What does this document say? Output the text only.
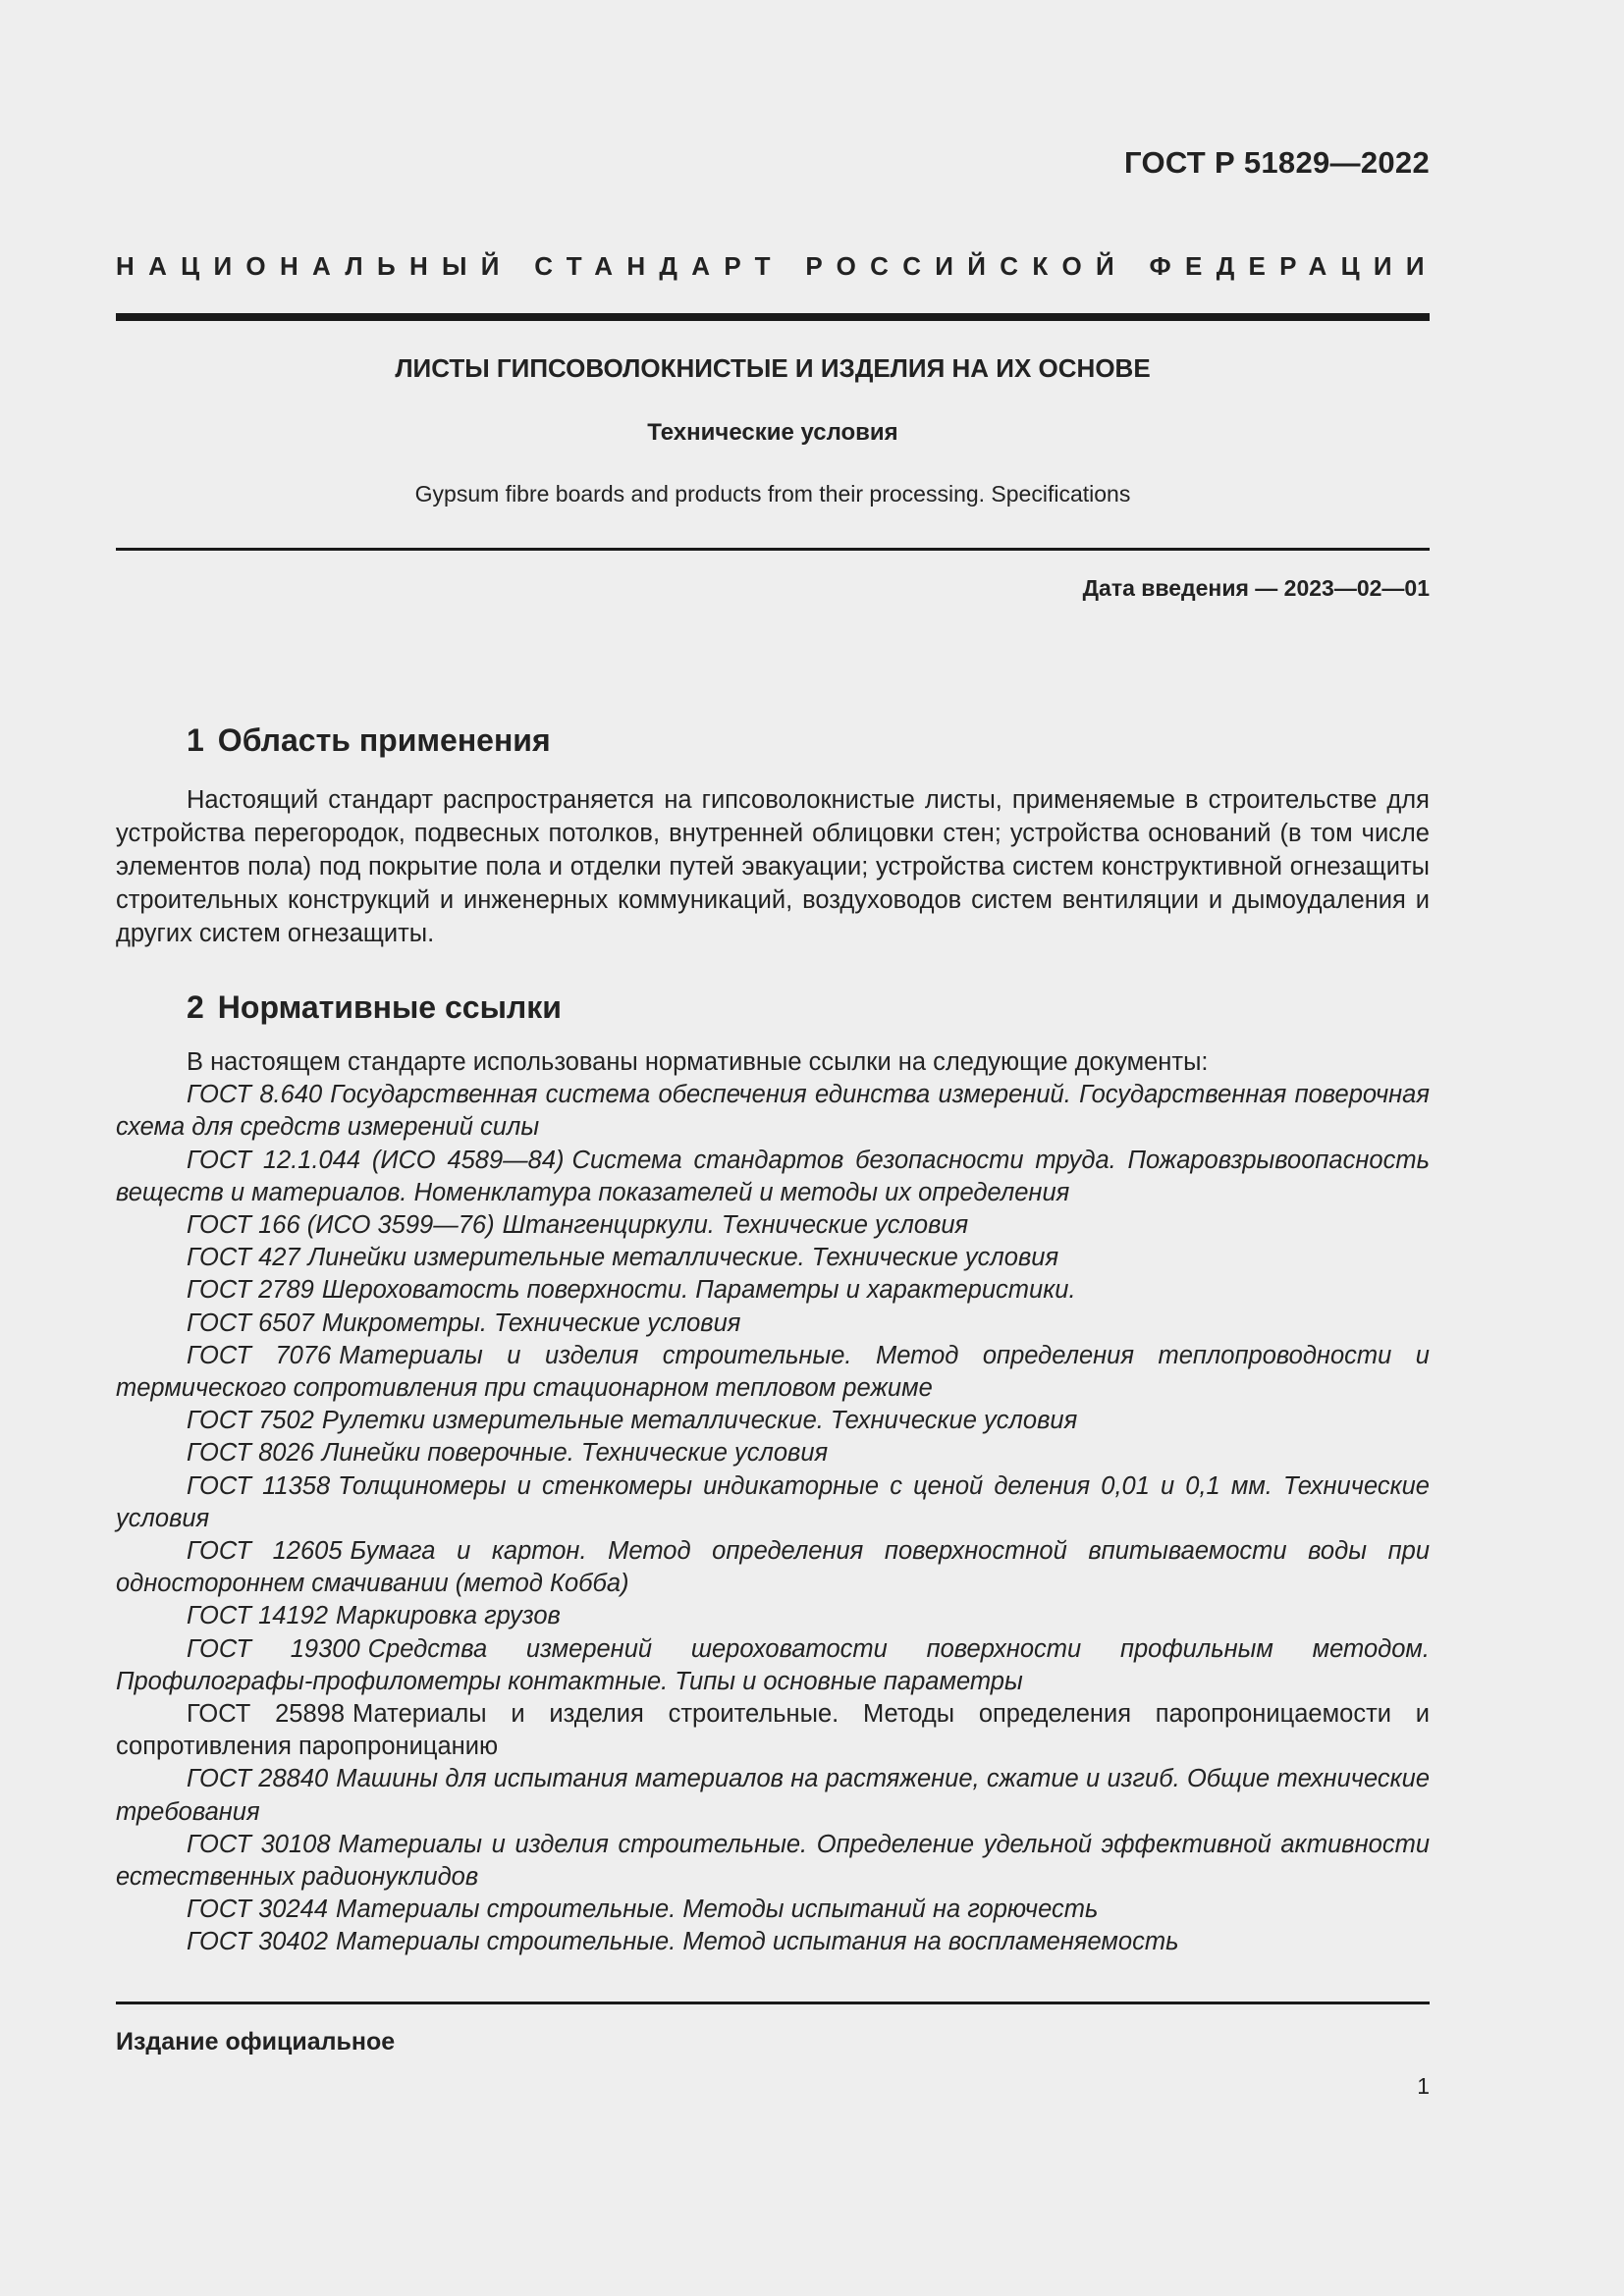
ГОСТ Р 51829—2022
НАЦИОНАЛЬНЫЙ СТАНДАРТ РОССИЙСКОЙ ФЕДЕРАЦИИ
ЛИСТЫ ГИПСОВОЛОКНИСТЫЕ И ИЗДЕЛИЯ НА ИХ ОСНОВЕ
Технические условия
Gypsum fibre boards and products from their processing. Specifications
Дата введения — 2023—02—01
1 Область применения
Настоящий стандарт распространяется на гипсоволокнистые листы, применяемые в строительстве для устройства перегородок, подвесных потолков, внутренней облицовки стен; устройства оснований (в том числе элементов пола) под покрытие пола и отделки путей эвакуации; устройства систем конструктивной огнезащиты строительных конструкций и инженерных коммуникаций, воздуховодов систем вентиляции и дымоудаления и других систем огнезащиты.
2 Нормативные ссылки

В настоящем стандарте использованы нормативные ссылки на следующие документы:

ГОСТ 8.640 Государственная система обеспечения единства измерений. Государственная поверочная схема для средств измерений силы

ГОСТ 12.1.044 (ИСО 4589—84) Система стандартов безопасности труда. Пожаровзрывоопасность веществ и материалов. Номенклатура показателей и методы их определения

ГОСТ 166 (ИСО 3599—76) Штангенциркули. Технические условия

ГОСТ 427 Линейки измерительные металлические. Технические условия

ГОСТ 2789 Шероховатость поверхности. Параметры и характеристики.

ГОСТ 6507 Микрометры. Технические условия

ГОСТ 7076 Материалы и изделия строительные. Метод определения теплопроводности и термического сопротивления при стационарном тепловом режиме

ГОСТ 7502 Рулетки измерительные металлические. Технические условия

ГОСТ 8026 Линейки поверочные. Технические условия

ГОСТ 11358 Толщиномеры и стенкомеры индикаторные с ценой деления 0,01 и 0,1 мм. Технические условия

ГОСТ 12605 Бумага и картон. Метод определения поверхностной впитываемости воды при одностороннем смачивании (метод Кобба)

ГОСТ 14192 Маркировка грузов

ГОСТ 19300 Средства измерений шероховатости поверхности профильным методом. Профилографы-профилометры контактные. Типы и основные параметры

ГОСТ 25898 Материалы и изделия строительные. Методы определения паропроницаемости и сопротивления паропроницанию

ГОСТ 28840 Машины для испытания материалов на растяжение, сжатие и изгиб. Общие технические требования

ГОСТ 30108 Материалы и изделия строительные. Определение удельной эффективной активности естественных радионуклидов

ГОСТ 30244 Материалы строительные. Методы испытаний на горючесть

ГОСТ 30402 Материалы строительные. Метод испытания на воспламеняемость

Издание официальное
1
